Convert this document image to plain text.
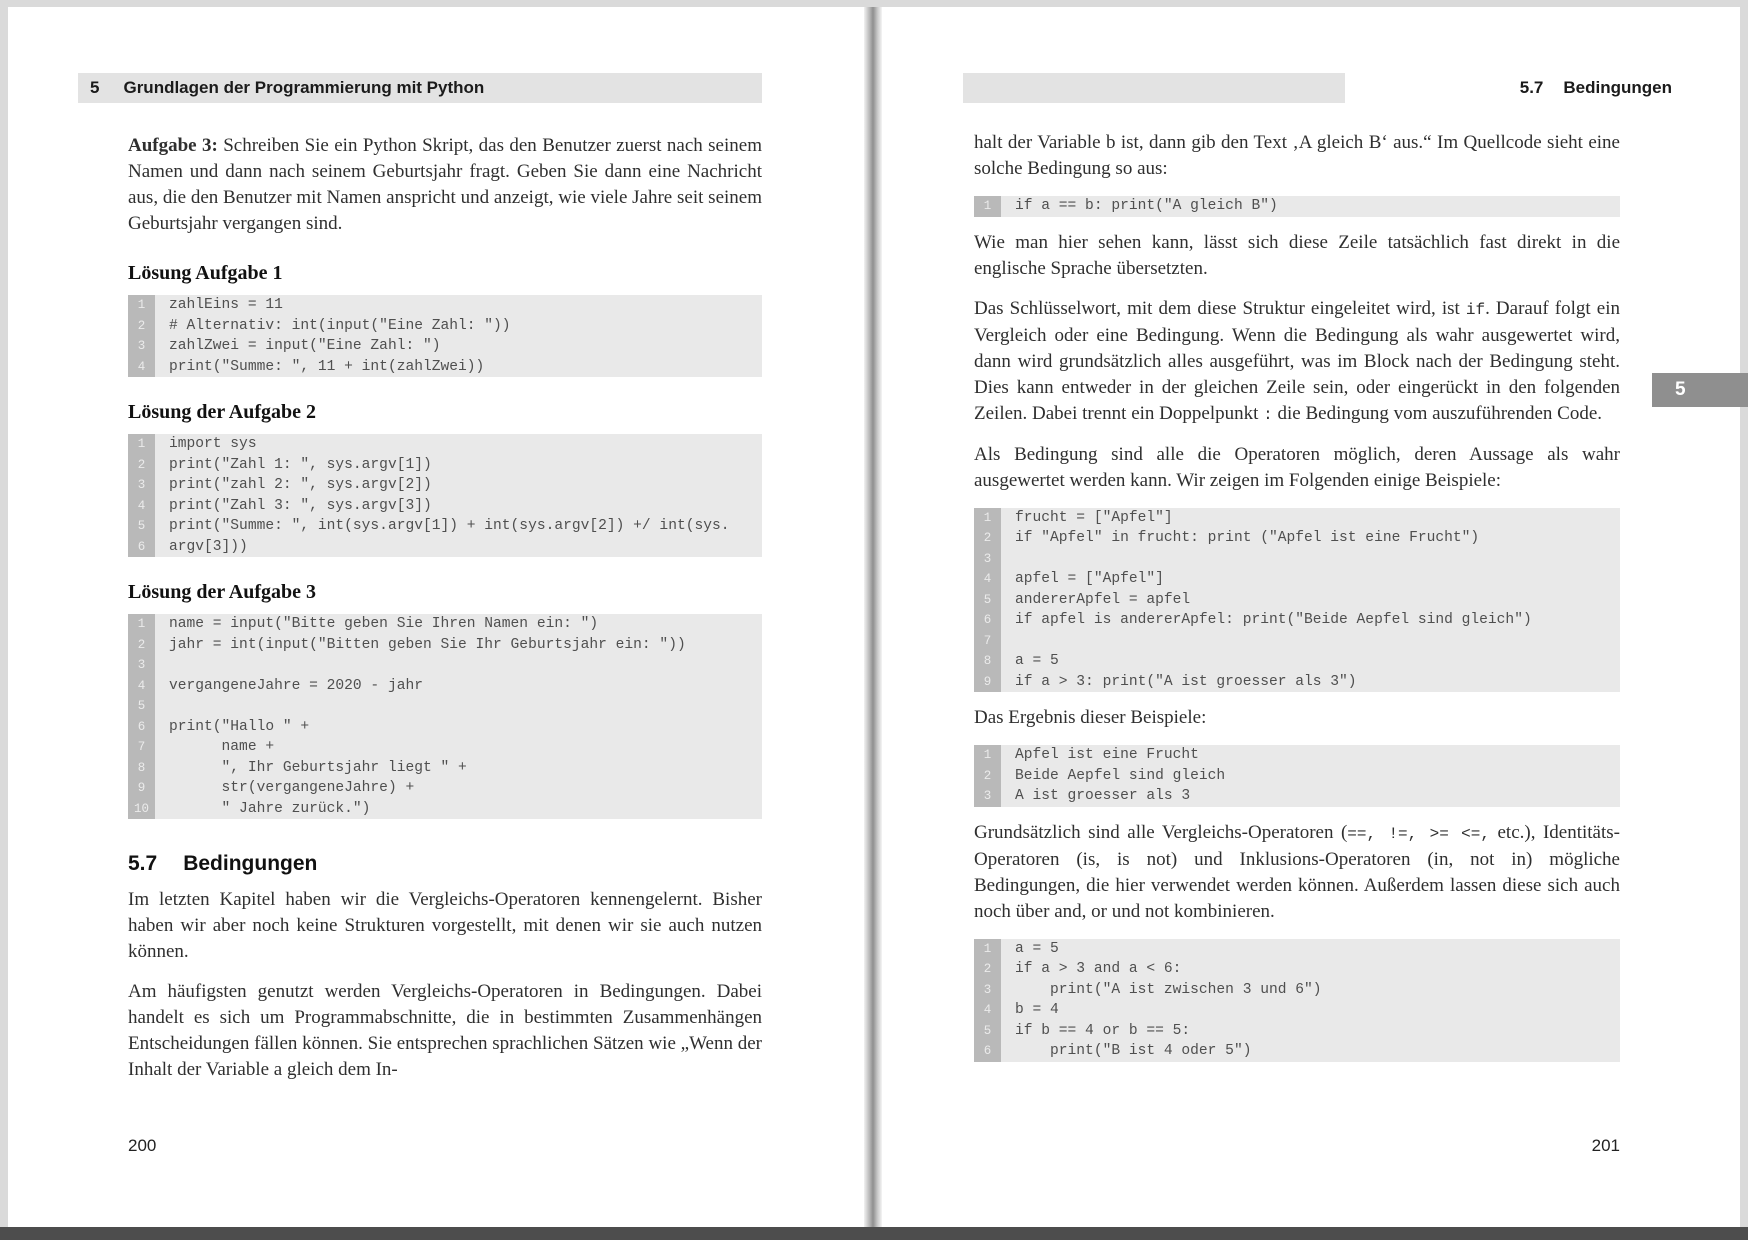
5 Grundlagen der Programmierung mit Python	5.7 Bedingungen

Aufgabe 3: Schreiben Sie ein Python Skript, das den Benutzer zuerst nach seinem Namen und dann nach seinem Geburtsjahr fragt. Geben Sie dann eine Nachricht aus, die den Benutzer mit Namen anspricht und anzeigt, wie viele Jahre seit seinem Geburtsjahr vergangen sind.

Lösung Aufgabe 1
1	zahlEins = 11
2	# Alternativ: int(input("Eine Zahl: "))
3	zahlZwei = input("Eine Zahl: ")
4	print("Summe: ", 11 + int(zahlZwei))
Lösung der Aufgabe 2
1	import sys
2	print("Zahl 1: ", sys.argv[1])
3	print("zahl 2: ", sys.argv[2])
4	print("Zahl 3: ", sys.argv[3])
5	print("Summe: ", int(sys.argv[1]) + int(sys.argv[2]) +/ int(sys.
6	argv[3]))
Lösung der Aufgabe 3
1	name = input("Bitte geben Sie Ihren Namen ein: ")
2	jahr = int(input("Bitten geben Sie Ihr Geburtsjahr ein: "))
3
4	vergangeneJahre = 2020 - jahr
5
6	print("Hallo " +
7	name +
8	", Ihr Geburtsjahr liegt " +
9	str(vergangeneJahre) +
10	" Jahre zurück.")
5.7 Bedingungen

Im letzten Kapitel haben wir die Vergleichs-Operatoren kennengelernt. Bisher haben wir aber noch keine Strukturen vorgestellt, mit denen wir sie auch nutzen können.

Am häufigsten genutzt werden Vergleichs-Operatoren in Bedingungen. Dabei handelt es sich um Programmabschnitte, die in bestimmten Zusammenhängen Entscheidungen fällen können. Sie entsprechen sprachlichen Sätzen wie „Wenn der Inhalt der Variable a gleich dem In-

halt der Variable b ist, dann gib den Text ‚A gleich B‘ aus.“ Im Quellcode sieht eine solche Bedingung so aus:

1	if a == b: print("A gleich B")

Wie man hier sehen kann, lässt sich diese Zeile tatsächlich fast direkt in die englische Sprache übersetzten.

Das Schlüsselwort, mit dem diese Struktur eingeleitet wird, ist if. Darauf folgt ein Vergleich oder eine Bedingung. Wenn die Bedingung als wahr ausgewertet wird, dann wird grundsätzlich alles ausgeführt, was im Block nach der Bedingung steht. Dies kann entweder in der gleichen Zeile sein, oder eingerückt in den folgenden Zeilen. Dabei trennt ein Doppelpunkt : die Bedingung vom auszuführenden Code.

Als Bedingung sind alle die Operatoren möglich, deren Aussage als wahr ausgewertet werden kann. Wir zeigen im Folgenden einige Beispiele:

1	frucht = ["Apfel"]
2	if "Apfel" in frucht: print ("Apfel ist eine Frucht")
3
4	apfel = ["Apfel"]
5	andererApfel = apfel
6	if apfel is andererApfel: print("Beide Aepfel sind gleich")
7
8	a = 5
9	if a > 3: print("A ist groesser als 3")

Das Ergebnis dieser Beispiele:

1	Apfel ist eine Frucht
2	Beide Aepfel sind gleich
3	A ist groesser als 3

Grundsätzlich sind alle Vergleichs-Operatoren (==, !=, >= <=, etc.), Identitäts-Operatoren (is, is not) und Inklusions-Operatoren (in, not in) mögliche Bedingungen, die hier verwendet werden können. Außerdem lassen diese sich auch noch über and, or und not kombinieren.

1	a = 5
2	if a > 3 and a < 6:
3	print("A ist zwischen 3 und 6")
4	b = 4
5	if b == 4 or b == 5:
6	print("B ist 4 oder 5")
200	201
5
